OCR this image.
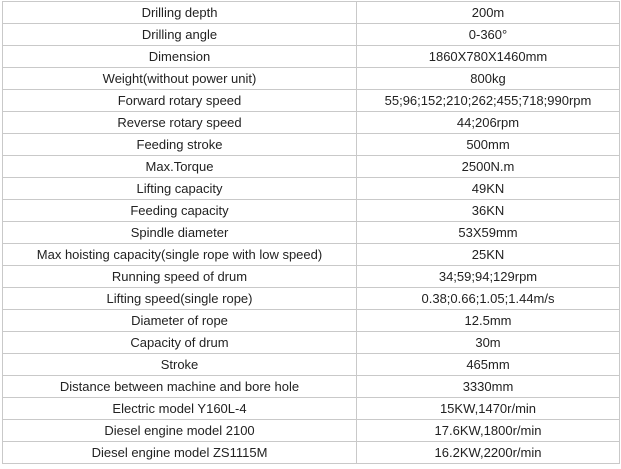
Drilling depth	200m
Drilling angle	0-360°
Dimension	1860X780X1460mm
Weight(without power unit)	800kg
Forward rotary speed	55;96;152;210;262;455;718;990rpm
Reverse rotary speed	44;206rpm
Feeding stroke	500mm
Max.Torque	2500N.m
Lifting capacity	49KN
Feeding capacity	36KN
Spindle diameter	53X59mm
Max hoisting capacity(single rope with low speed)	25KN
Running speed of drum	34;59;94;129rpm
Lifting speed(single rope)	0.38;0.66;1.05;1.44m/s
Diameter of rope	12.5mm
Capacity of drum	30m
Stroke	465mm
Distance between machine and bore hole	3330mm
Electric model Y160L-4	15KW,1470r/min
Diesel engine model 2100	17.6KW,1800r/min
Diesel engine model ZS1115M	16.2KW,2200r/min
